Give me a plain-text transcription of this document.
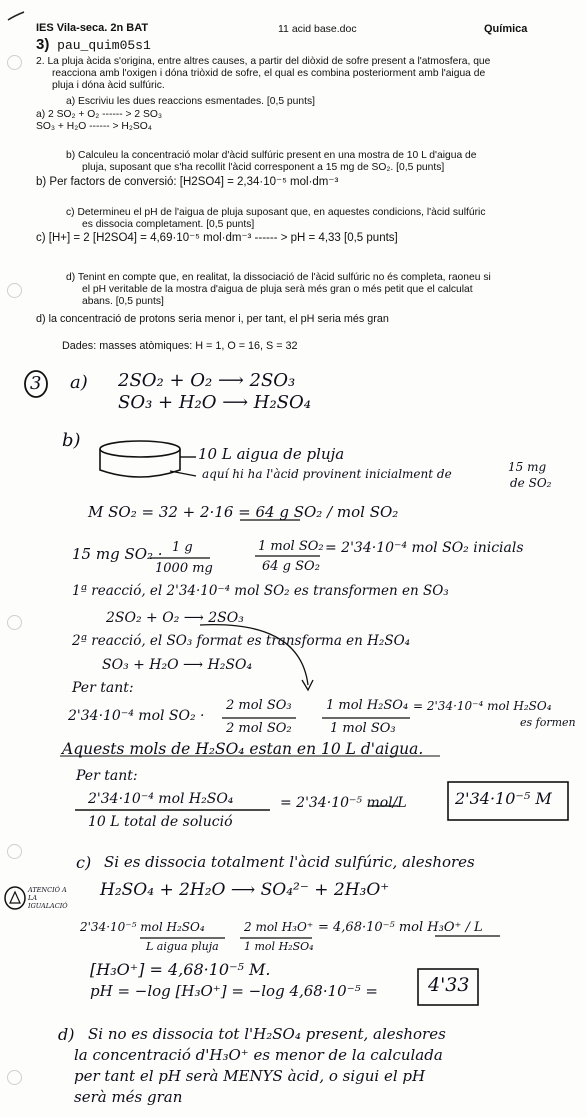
IES Vila-seca. 2n BAT	11 acid base.doc	Química
3) pau_quim05s1
2. La pluja àcida s'origina, entre altres causes, a partir del diòxid de sofre present a l'atmosfera, que
reacciona amb l'oxigen i dóna triòxid de sofre, el qual es combina posteriorment amb l'aigua de
pluja i dóna àcid sulfúric.
a) Escriviu les dues reaccions esmentades. [0,5 punts]
a) 2 SO₂ + O₂ ------ > 2 SO₃
SO₃ + H₂O ------ > H₂SO₄
b) Calculeu la concentració molar d'àcid sulfúric present en una mostra de 10 L d'aigua de
pluja, suposant que s'ha recollit l'àcid corresponent a 15 mg de SO₂. [0,5 punts]
b) Per factors de conversió: [H2SO4] = 2,34·10⁻⁵ mol·dm⁻³
c) Determineu el pH de l'aigua de pluja suposant que, en aquestes condicions, l'àcid sulfúric
es dissocia completament. [0,5 punts]
c) [H+] = 2 [H2SO4] = 4,69·10⁻⁵ mol·dm⁻³ ------ > pH = 4,33 [0,5 punts]
d) Tenint en compte que, en realitat, la dissociació de l'àcid sulfúric no és completa, raoneu si
el pH veritable de la mostra d'aigua de pluja serà més gran o més petit que el calculat
abans. [0,5 punts]
d) la concentració de protons seria menor i, per tant, el pH seria més gran
Dades: masses atòmiques: H = 1, O = 16, S = 32
3 a) 2SO₂ + O₂ ⟶ 2SO₃
SO₃ + H₂O ⟶ H₂SO₄
b)
10 L aigua de pluja
aquí hi ha l'àcid provinent inicialment de	15 mg
de SO₂
M SO₂ = 32 + 2·16 = 64 g SO₂ / mol SO₂
15 mg SO₂ · 1 g
1000 mg
1 mol SO₂
64 g SO₂
= 2'34·10⁻⁴ mol SO₂ inicials
1ª reacció, el 2'34·10⁻⁴ mol SO₂ es transformen en SO₃
2SO₂ + O₂ ⟶ 2SO₃
2ª reacció, el SO₃ format es transforma en H₂SO₄
SO₃ + H₂O ⟶ H₂SO₄
Per tant:
2'34·10⁻⁴ mol SO₂ ·
2 mol SO₃
2 mol SO₂
1 mol H₂SO₄
1 mol SO₃
= 2'34·10⁻⁴ mol H₂SO₄
es formen
Aquests mols de H₂SO₄ estan en 10 L d'aigua.
Per tant:
2'34·10⁻⁴ mol H₂SO₄
10 L total de solució
= 2'34·10⁻⁵ mol/L	2'34·10⁻⁵ M
c) Si es dissocia totalment l'àcid sulfúric, aleshores
ATENCIÓ A LA IGUALACIÓ
H₂SO₄ + 2H₂O ⟶ SO₄²⁻ + 2H₃O⁺
2'34·10⁻⁵ mol H₂SO₄
L aigua pluja
2 mol H₃O⁺
1 mol H₂SO₄
= 4,68·10⁻⁵ mol H₃O⁺ / L
[H₃O⁺] = 4,68·10⁻⁵ M.
pH = −log [H₃O⁺] = −log 4,68·10⁻⁵ =	4'33
d) Si no es dissocia tot l'H₂SO₄ present, aleshores
la concentració d'H₃O⁺ es menor de la calculada
per tant el pH serà MENYS àcid, o sigui el pH
serà més gran
